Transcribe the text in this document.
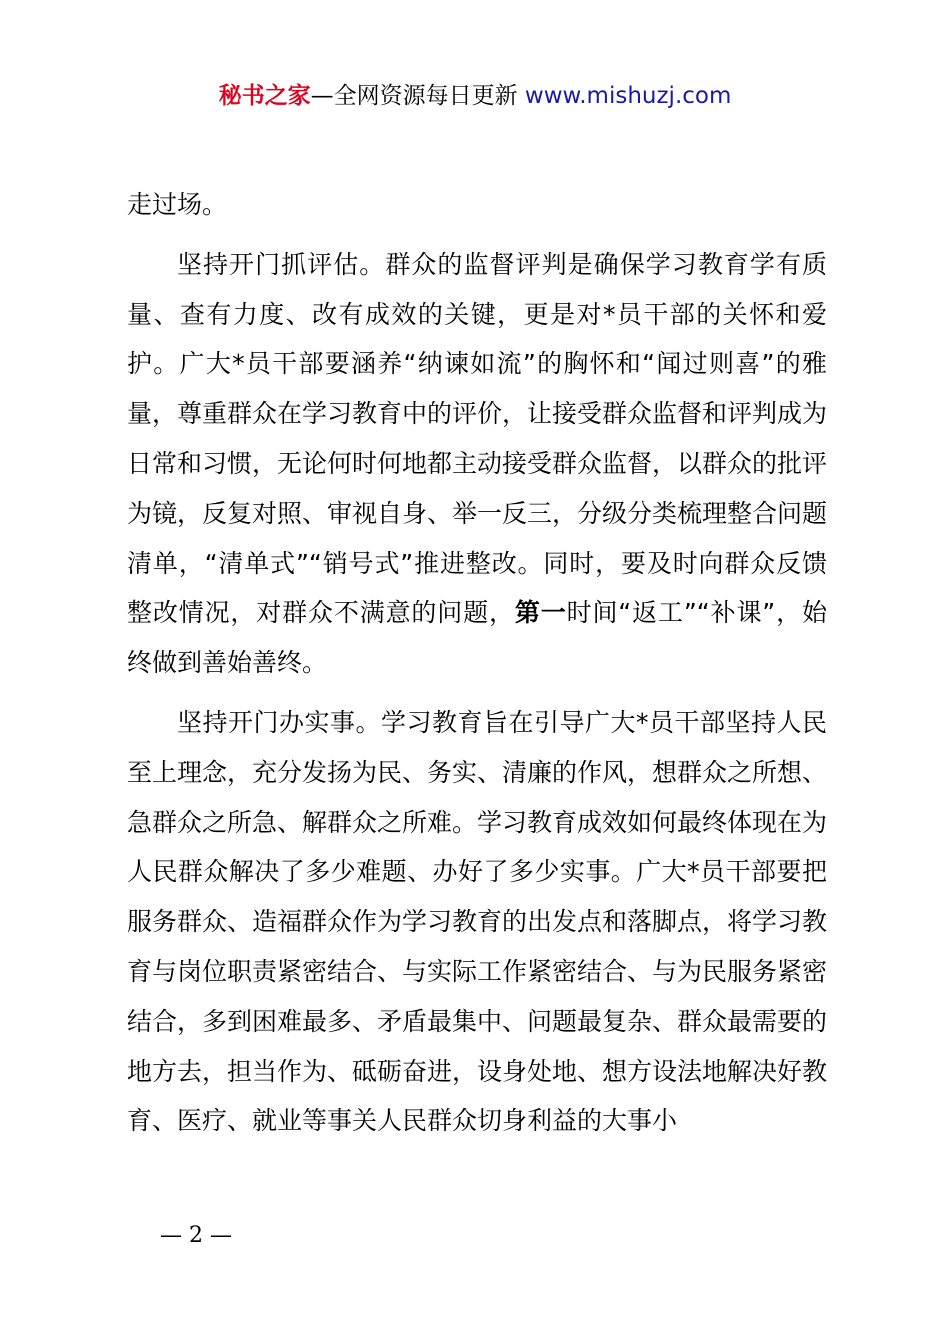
秘书之家—全网资源每日更新 www.mishuzj.com

走过场。

坚持开门抓评估。群众的监督评判是确保学习教育学有质量、查有力度、改有成效的关键，更是对*员干部的关怀和爱护。广大*员干部要涵养“纳谏如流”的胸怀和“闻过则喜”的雅量，尊重群众在学习教育中的评价，让接受群众监督和评判成为日常和习惯，无论何时何地都主动接受群众监督，以群众的批评为镜，反复对照、审视自身、举一反三，分级分类梳理整合问题清单，“清单式”“销号式”推进整改。同时，要及时向群众反馈整改情况，对群众不满意的问题，第一时间“返工”“补课”，始终做到善始善终。

坚持开门办实事。学习教育旨在引导广大*员干部坚持人民至上理念，充分发扬为民、务实、清廉的作风，想群众之所想、急群众之所急、解群众之所难。学习教育成效如何最终体现在为人民群众解决了多少难题、办好了多少实事。广大*员干部要把服务群众、造福群众作为学习教育的出发点和落脚点，将学习教育与岗位职责紧密结合、与实际工作紧密结合、与为民服务紧密结合，多到困难最多、矛盾最集中、问题最复杂、群众最需要的地方去，担当作为、砥砺奋进，设身处地、想方设法地解决好教育、医疗、就业等事关人民群众切身利益的大事小

— 2 —
